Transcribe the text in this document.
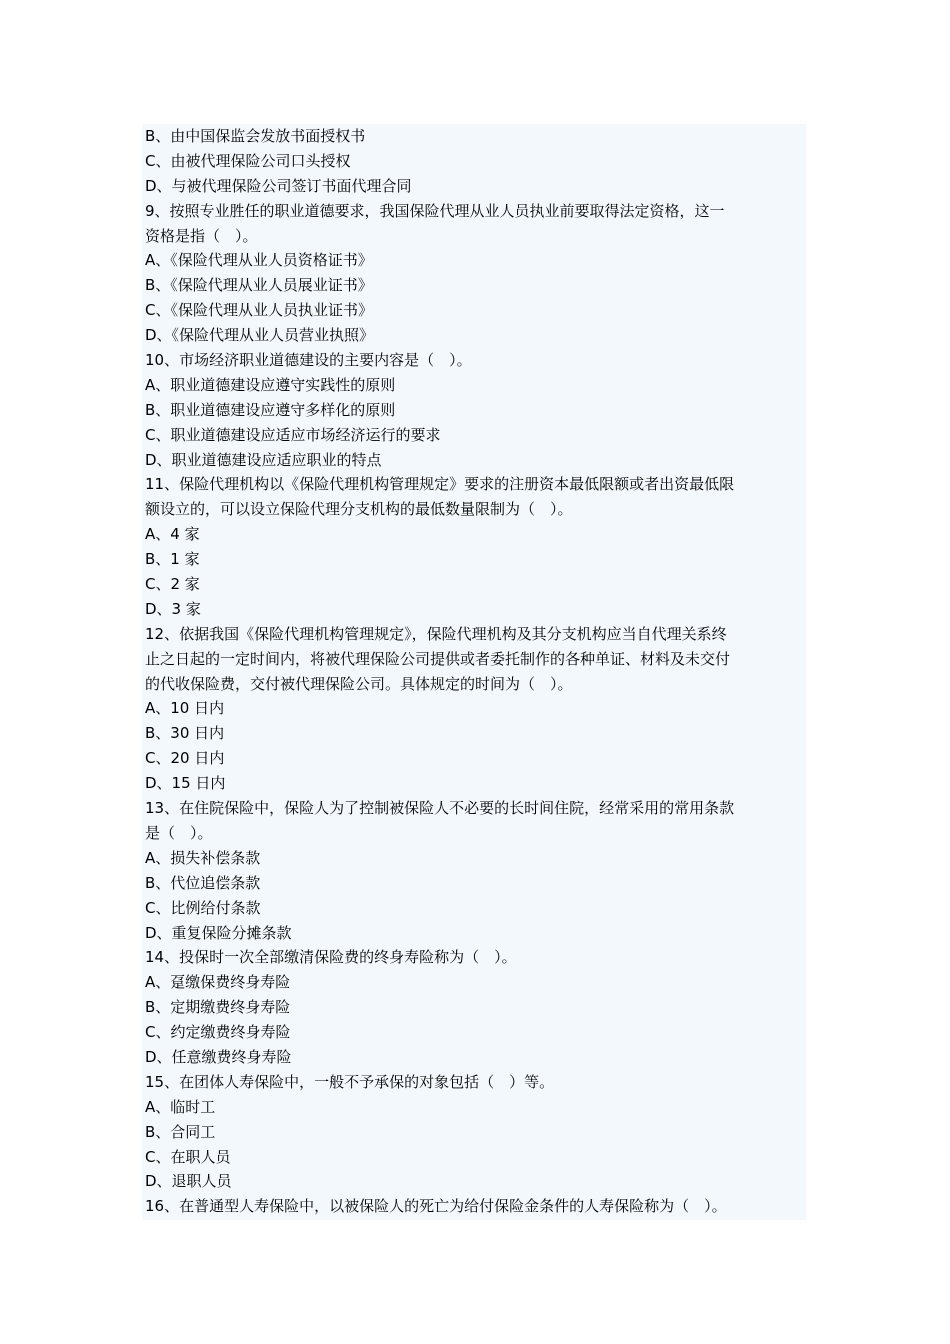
B、由中国保监会发放书面授权书
C、由被代理保险公司口头授权
D、与被代理保险公司签订书面代理合同
9、按照专业胜任的职业道德要求，我国保险代理从业人员执业前要取得法定资格，这一
资格是指（　）。
A、《保险代理从业人员资格证书》
B、《保险代理从业人员展业证书》
C、《保险代理从业人员执业证书》
D、《保险代理从业人员营业执照》
10、市场经济职业道德建设的主要内容是（　）。
A、职业道德建设应遵守实践性的原则
B、职业道德建设应遵守多样化的原则
C、职业道德建设应适应市场经济运行的要求
D、职业道德建设应适应职业的特点
11、保险代理机构以《保险代理机构管理规定》要求的注册资本最低限额或者出资最低限
额设立的，可以设立保险代理分支机构的最低数量限制为（　）。
A、4 家
B、1 家
C、2 家
D、3 家
12、依据我国《保险代理机构管理规定》，保险代理机构及其分支机构应当自代理关系终
止之日起的一定时间内，将被代理保险公司提供或者委托制作的各种单证、材料及未交付
的代收保险费，交付被代理保险公司。具体规定的时间为（　）。
A、10 日内
B、30 日内
C、20 日内
D、15 日内
13、在住院保险中，保险人为了控制被保险人不必要的长时间住院，经常采用的常用条款
是（　）。
A、损失补偿条款
B、代位追偿条款
C、比例给付条款
D、重复保险分摊条款
14、投保时一次全部缴清保险费的终身寿险称为（　）。
A、趸缴保费终身寿险
B、定期缴费终身寿险
C、约定缴费终身寿险
D、任意缴费终身寿险
15、在团体人寿保险中，一般不予承保的对象包括（　）等。
A、临时工
B、合同工
C、在职人员
D、退职人员
16、在普通型人寿保险中，以被保险人的死亡为给付保险金条件的人寿保险称为（　）。
